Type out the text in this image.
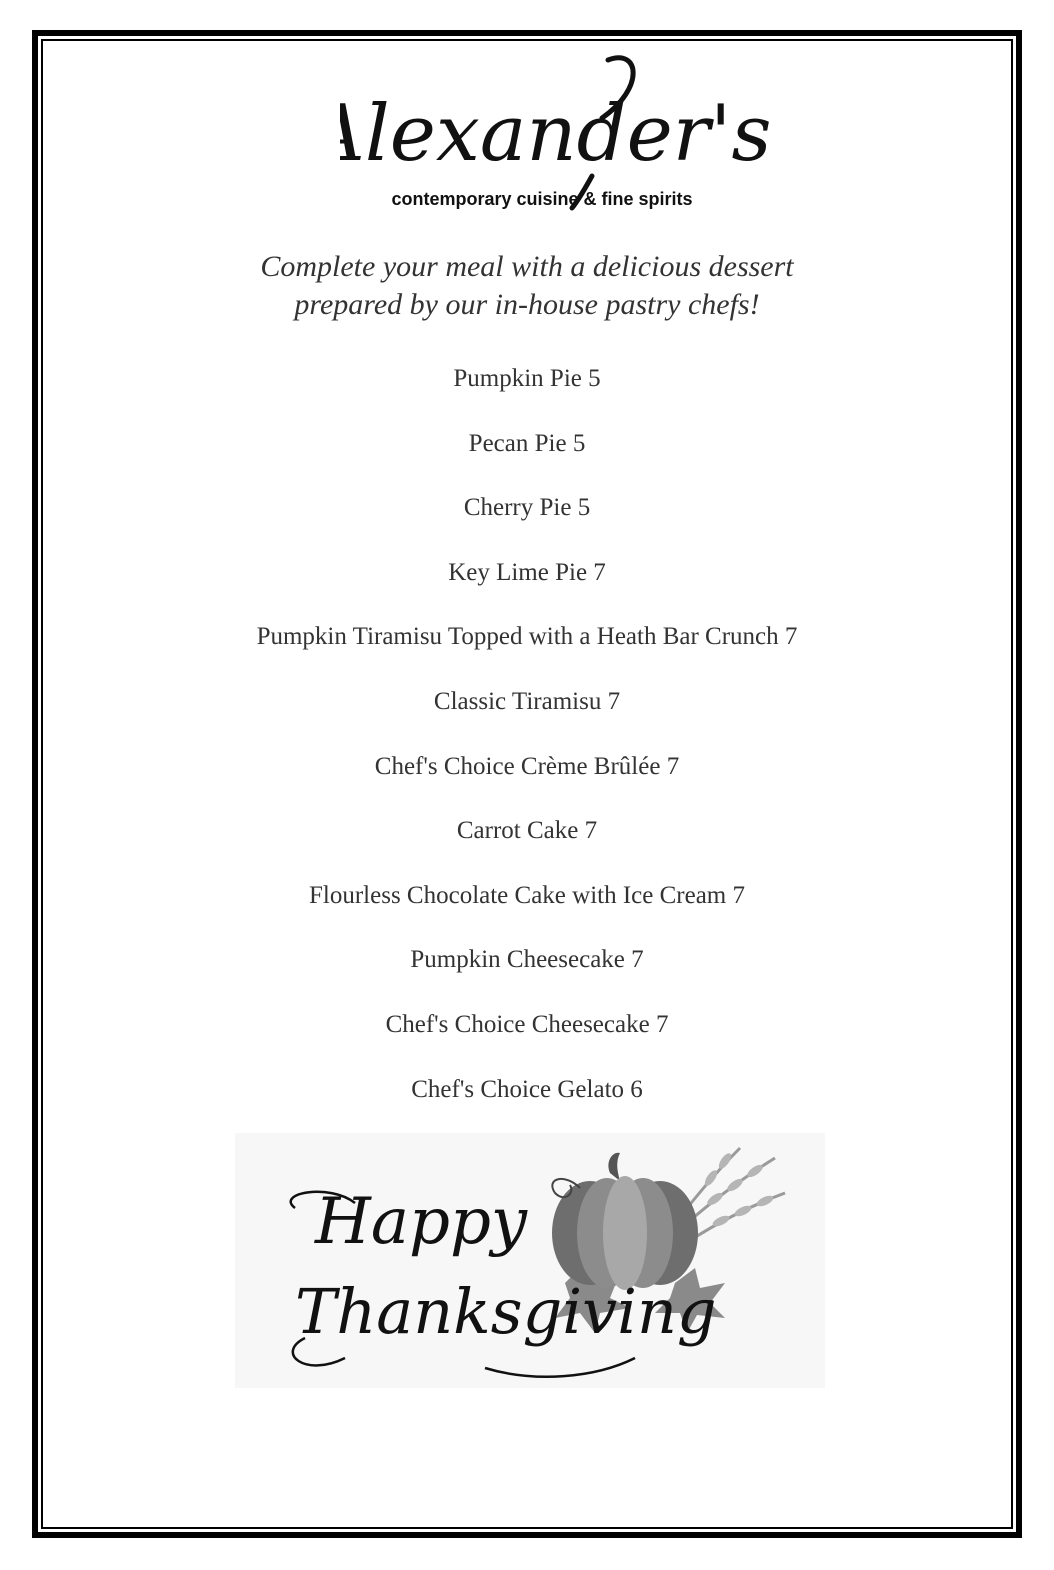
Alexander's
contemporary cuisine & fine spirits
Complete your meal with a delicious dessert
prepared by our in-house pastry chefs!
Pumpkin Pie 5
Pecan Pie 5
Cherry Pie 5
Key Lime Pie 7
Pumpkin Tiramisu Topped with a Heath Bar Crunch 7
Classic Tiramisu 7
Chef's Choice Crème Brûlée 7
Carrot Cake 7
Flourless Chocolate Cake with Ice Cream 7
Pumpkin Cheesecake 7
Chef's Choice Cheesecake 7
Chef's Choice Gelato 6
Happy
Thanksgiving
